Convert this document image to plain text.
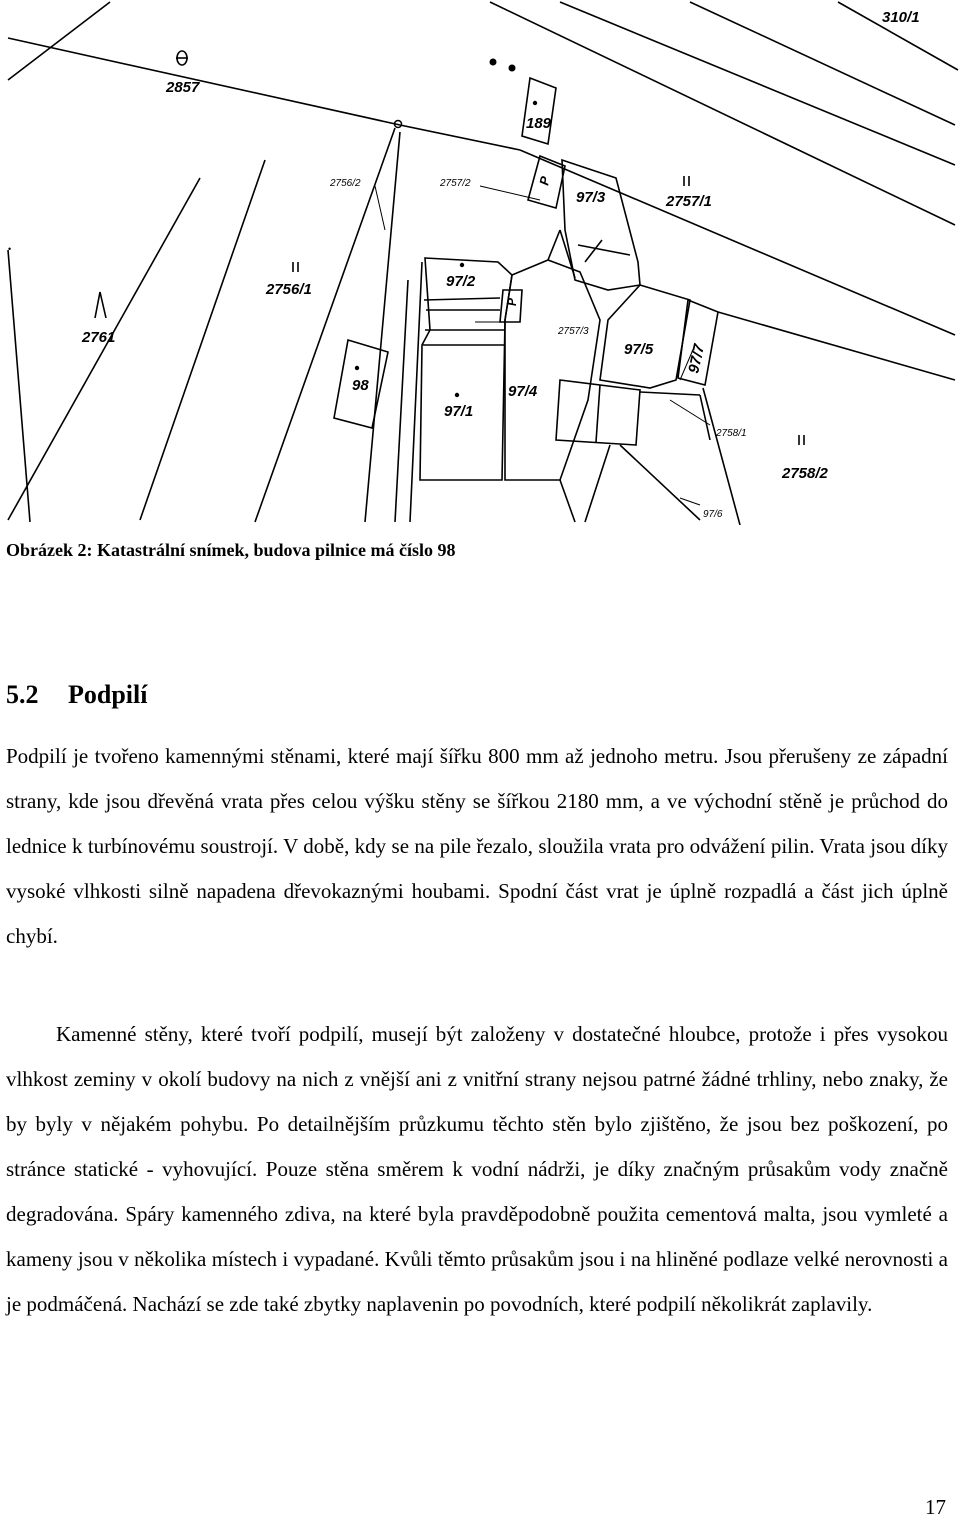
•
310/1
2857
189
2756/2	2757/2
97/3	2757/1
2756/1	97/2
2761	2757/3
97/5 97/7
98	97/4
97/1
2758/1
2758/2
97/6
P
P
Obrázek 2: Katastrální snímek, budova pilnice má číslo 98
5.2 Podpilí
Podpilí je tvořeno kamennými stěnami, které mají šířku 800 mm až jednoho metru. Jsou přerušeny ze západní strany, kde jsou dřevěná vrata přes celou výšku stěny se šířkou 2180 mm, a ve východní stěně je průchod do lednice k turbínovému soustrojí. V době, kdy se na pile řezalo, sloužila vrata pro odvážení pilin. Vrata jsou díky vysoké vlhkosti silně napadena dřevokaznými houbami. Spodní část vrat je úplně rozpadlá a část jich úplně chybí.
Kamenné stěny, které tvoří podpilí, musejí být založeny v dostatečné hloubce, protože i přes vysokou vlhkost zeminy v okolí budovy na nich z vnější ani z vnitřní strany nejsou patrné žádné trhliny, nebo znaky, že by byly v nějakém pohybu. Po detailnějším průzkumu těchto stěn bylo zjištěno, že jsou bez poškození, po stránce statické - vyhovující. Pouze stěna směrem k vodní nádrži, je díky značným průsakům vody značně degradována. Spáry kamenného zdiva, na které byla pravděpodobně použita cementová malta, jsou vymleté a kameny jsou v několika místech i vypadané. Kvůli těmto průsakům jsou i na hliněné podlaze velké nerovnosti a je podmáčená. Nachází se zde také zbytky naplavenin po povodních, které podpilí několikrát zaplavily.
17
